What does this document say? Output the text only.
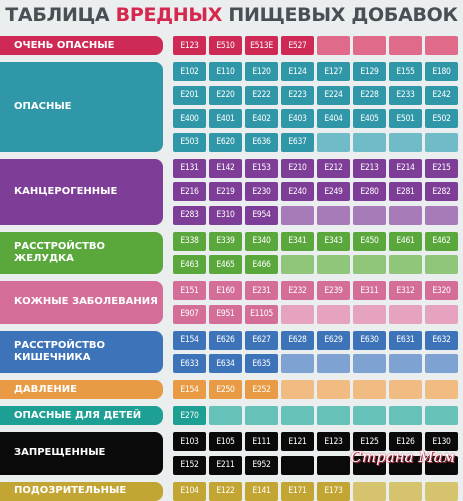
ТАБЛИЦА ВРЕДНЫХ ПИЩЕВЫХ ДОБАВОК
ОЧЕНЬ ОПАСНЫЕ	E123	E510	E513E	E527
ОПАСНЫЕ
E102	E110	E120	E124	E127	E129	E155	E180
E201	E220	E222	E223	E224	E228	E233	E242
E400	E401	E402	E403	E404	E405	E501	E502
E503	E620	E636	E637
КАНЦЕРОГЕННЫЕ
E131	E142	E153	E210	E212	E213	E214	E215
E216	E219	E230	E240	E249	E280	E281	E282
E283	E310	E954
РАССТРОЙСТВО ЖЕЛУДКА
E338	E339	E340	E341	E343	E450	E461	E462
E463	E465	E466
КОЖНЫЕ ЗАБОЛЕВАНИЯ
E151	E160	E231	E232	E239	E311	E312	E320
E907	E951	E1105
РАССТРОЙСТВО КИШЕЧНИКА
E154	E626	E627	E628	E629	E630	E631	E632
E633	E634	E635
ДАВЛЕНИЕ	E154	E250	E252
ОПАСНЫЕ ДЛЯ ДЕТЕЙ	E270
ЗАПРЕЩЕННЫЕ
E103	E105	E111	E121	E123	E125	E126	E130
E152	E211	E952
ПОДОЗРИТЕЛЬНЫЕ	E104	E122	E141	E171	E173
Страна Мам
